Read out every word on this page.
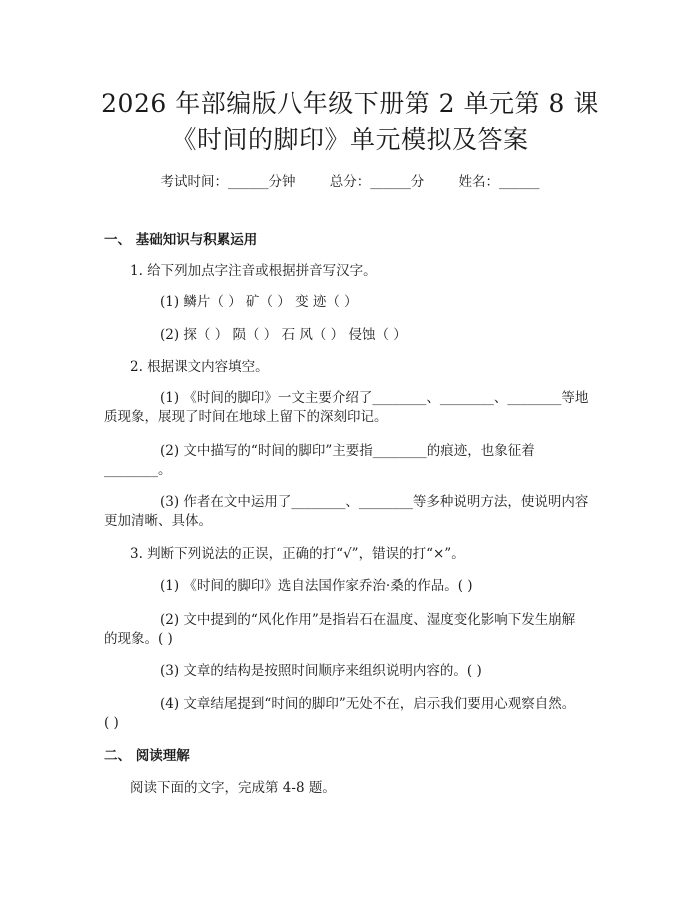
2026 年部编版八年级下册第 2 单元第 8 课
《时间的脚印》单元模拟及答案
考试时间：______分钟	总分：______分	姓名：______
一、 基础知识与积累运用
1. 给下列加点字注音或根据拼音写汉字。
(1) 鳞片（ ） 矿（ ） 变 迹（ ）
(2) 探（ ） 陨（ ） 石 风（ ） 侵蚀（ ）
2. 根据课文内容填空。
(1) 《时间的脚印》一文主要介绍了________、________、________等地
质现象，展现了时间在地球上留下的深刻印记。
(2) 文中描写的“时间的脚印”主要指________的痕迹，也象征着
________。
(3) 作者在文中运用了________、________等多种说明方法，使说明内容
更加清晰、具体。
3. 判断下列说法的正误，正确的打“√”，错误的打“×”。
(1) 《时间的脚印》选自法国作家乔治·桑的作品。( )
(2) 文中提到的“风化作用”是指岩石在温度、湿度变化影响下发生崩解
的现象。( )
(3) 文章的结构是按照时间顺序来组织说明内容的。( )
(4) 文章结尾提到“时间的脚印”无处不在，启示我们要用心观察自然。
( )
二、 阅读理解
阅读下面的文字，完成第 4-8 题。
